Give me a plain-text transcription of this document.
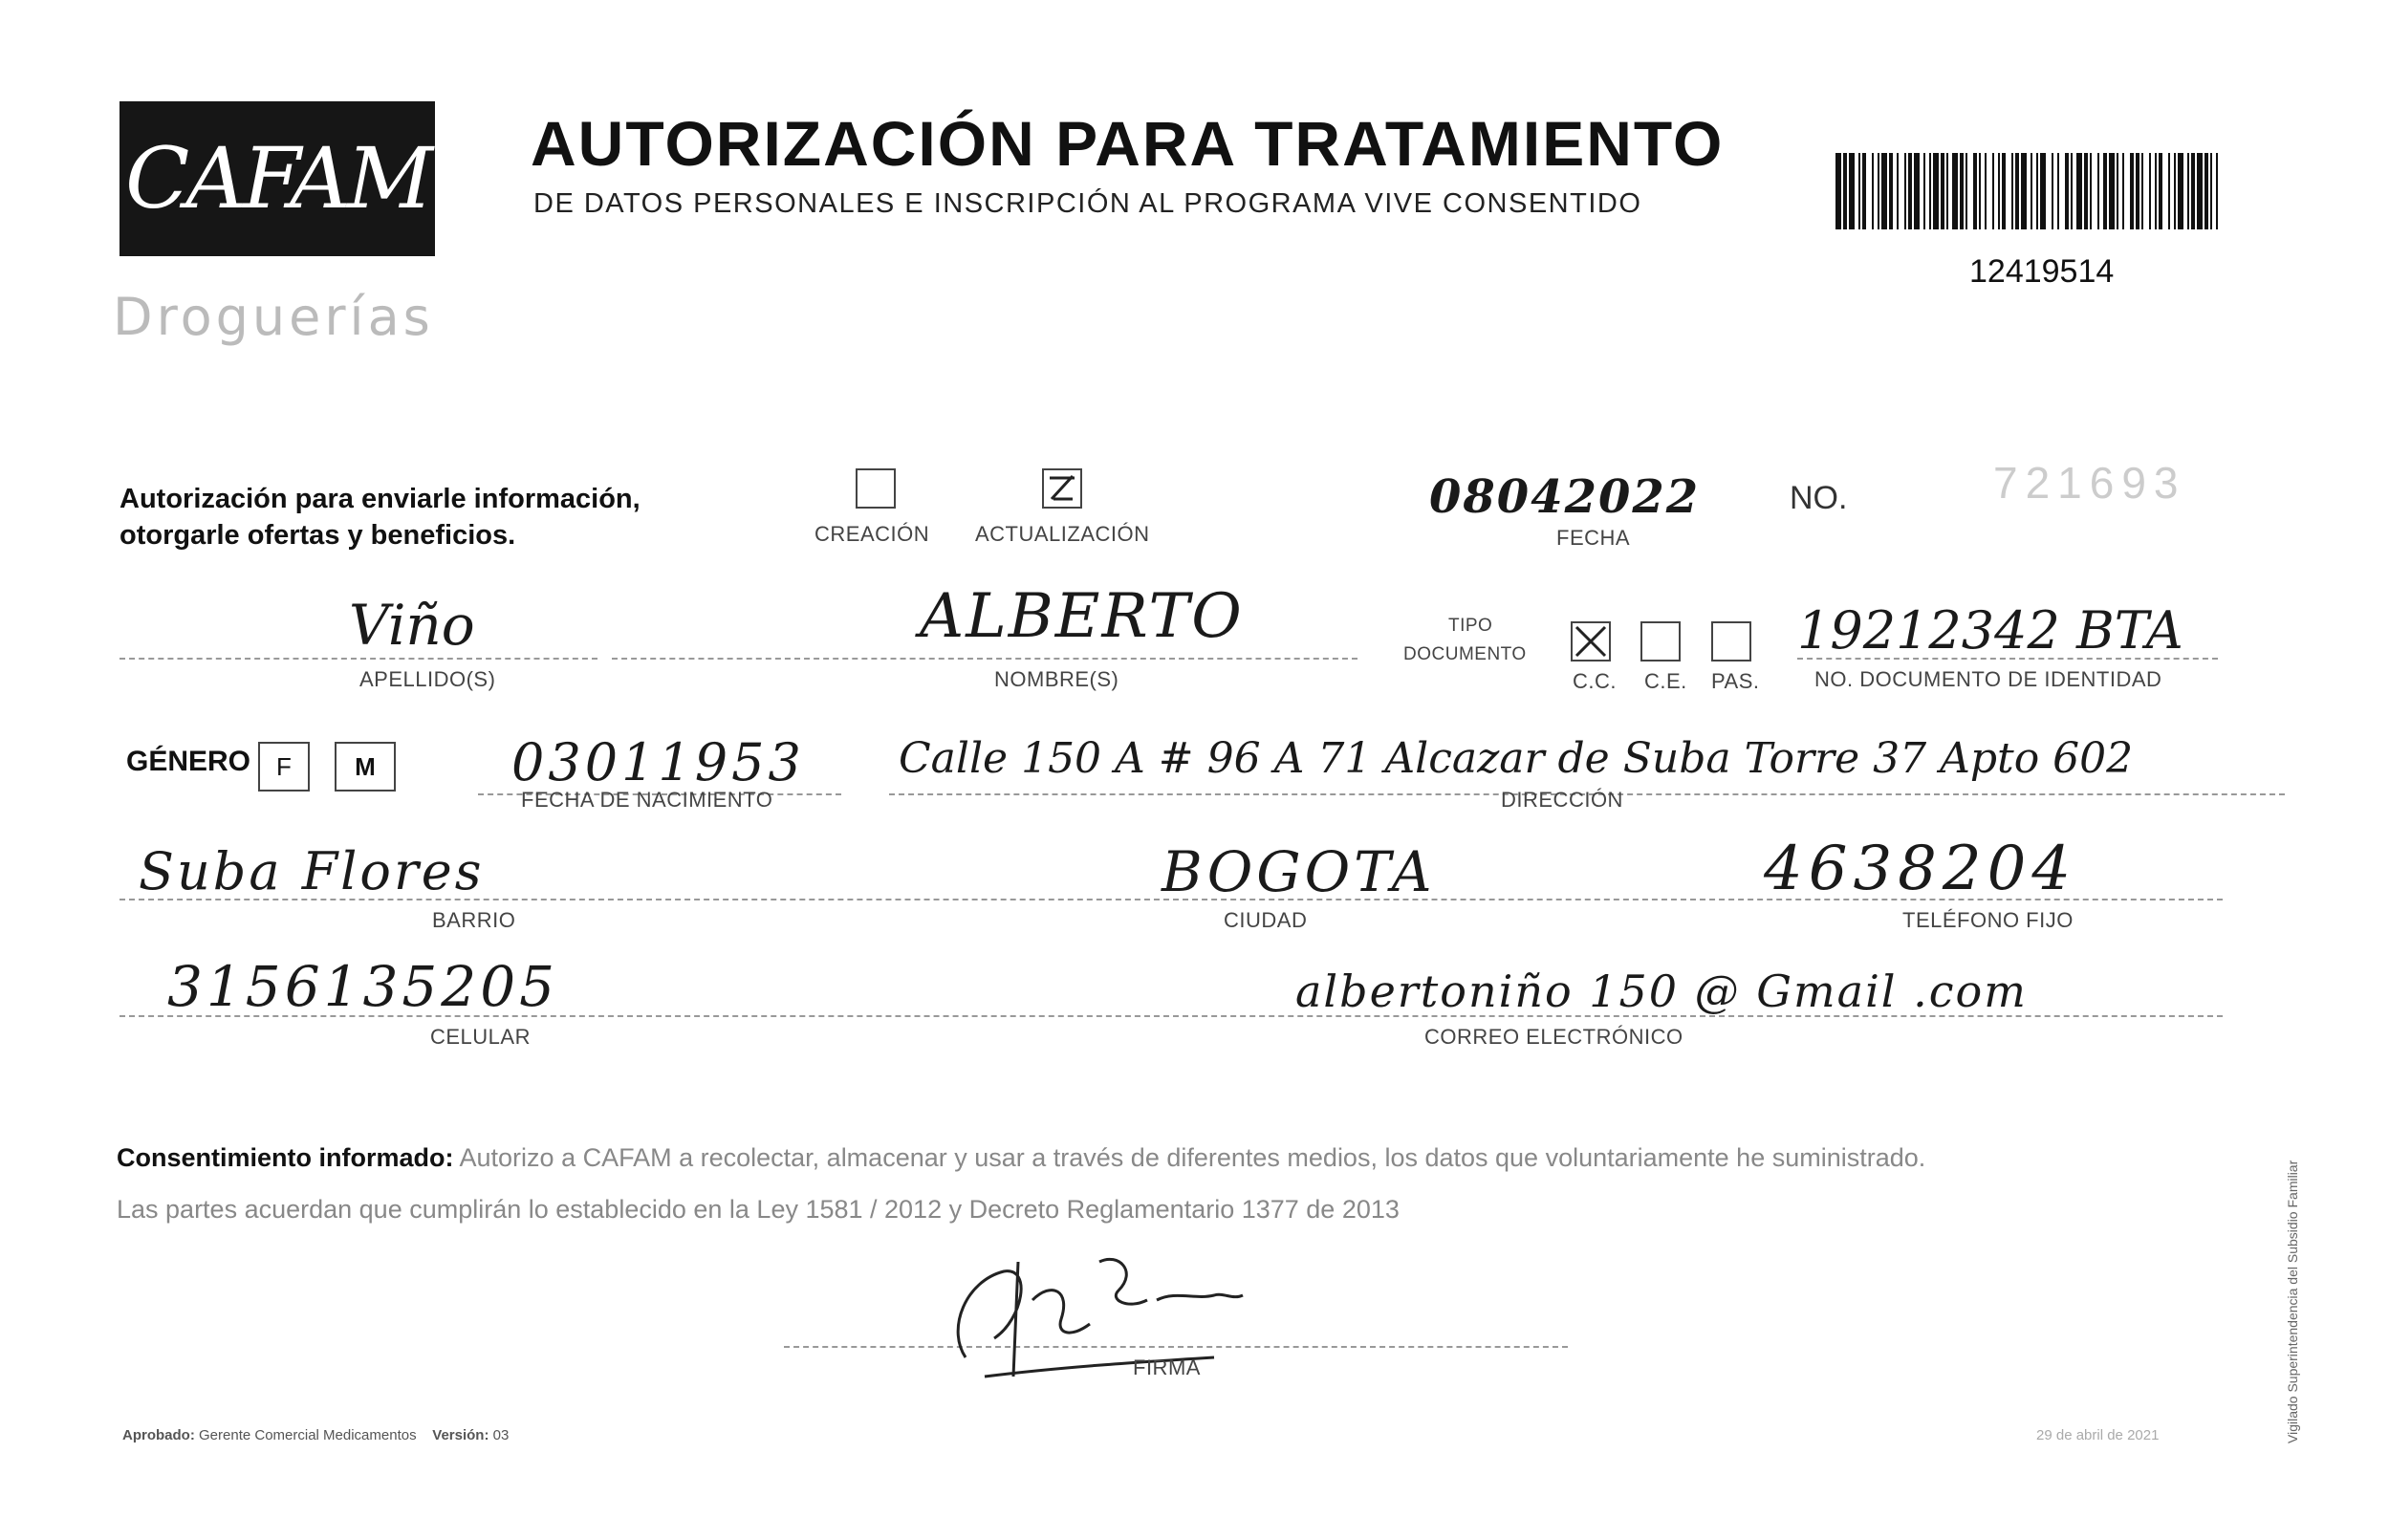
CAFAM
Droguerías
AUTORIZACIÓN PARA TRATAMIENTO
DE DATOS PERSONALES E INSCRIPCIÓN AL PROGRAMA VIVE CONSENTIDO
12419514
Autorización para enviarle información,
otorgarle ofertas y beneficios.	CREACIÓN ACTUALIZACIÓN
08042022
FECHA
NO.	721693
Viño
APELLIDO(S)
ALBERTO
NOMBRE(S)
TIPO
DOCUMENTO
C.C. C.E. PAS.
19212342 BTA
NO. DOCUMENTO DE IDENTIDAD
GÉNERO	F	M	03011953
FECHA DE NACIMIENTO
Calle 150 A # 96 A 71 Alcazar de Suba Torre 37 Apto 602
DIRECCIÓN
Suba Flores
BARRIO
BOGOTA
CIUDAD
4638204
TELÉFONO FIJO
3156135205
CELULAR
albertoniño 150 @ Gmail .com
CORREO ELECTRÓNICO
Consentimiento informado: Autorizo a CAFAM a recolectar, almacenar y usar a través de diferentes medios, los datos que voluntariamente he suministrado.
Las partes acuerdan que cumplirán lo establecido en la Ley 1581 / 2012 y Decreto Reglamentario 1377 de 2013
FIRMA
Aprobado: Gerente Comercial Medicamentos Versión: 03	29 de abril de 2021	Vigilado Superintendencia del Subsidio Familiar
